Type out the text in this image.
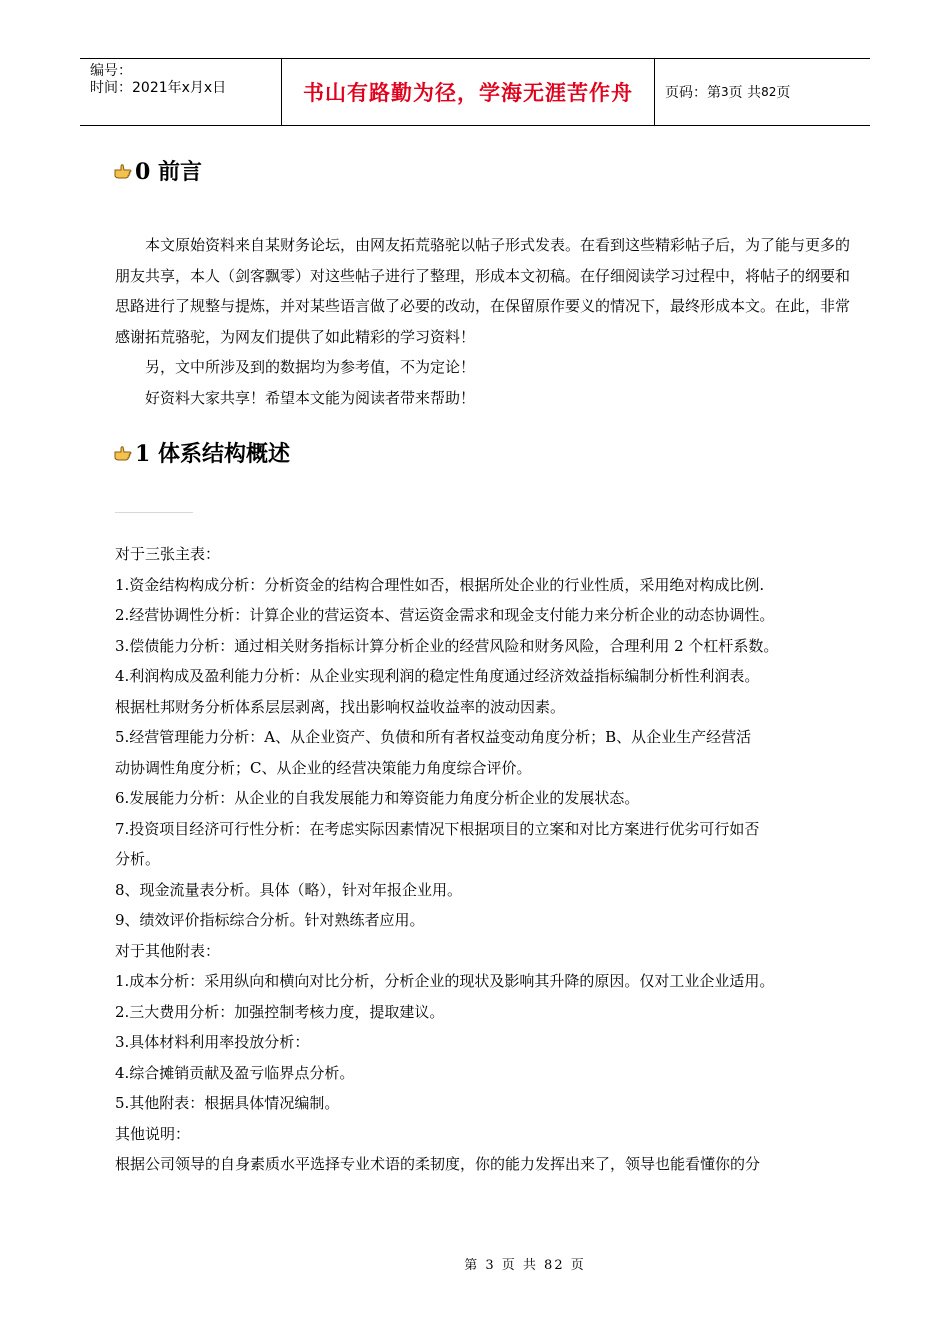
编号：
时间：2021年x月x日	书山有路勤为径，学海无涯苦作舟	页码：第 3 页 共 82 页
0 前言

本文原始资料来自某财务论坛，由网友拓荒骆驼以帖子形式发表。在看到这些精彩帖子后，为了能与更多的朋友共享，本人（剑客飘零）对这些帖子进行了整理，形成本文初稿。在仔细阅读学习过程中，将帖子的纲要和思路进行了规整与提炼，并对某些语言做了必要的改动，在保留原作要义的情况下，最终形成本文。在此，非常感谢拓荒骆驼，为网友们提供了如此精彩的学习资料！

另，文中所涉及到的数据均为参考值，不为定论！

好资料大家共享！希望本文能为阅读者带来帮助！

1 体系结构概述
对于三张主表：
1.资金结构构成分析：分析资金的结构合理性如否，根据所处企业的行业性质，采用绝对构成比例.
2.经营协调性分析：计算企业的营运资本、营运资金需求和现金支付能力来分析企业的动态协调性。
3.偿债能力分析：通过相关财务指标计算分析企业的经营风险和财务风险，合理利用 2 个杠杆系数。
4.利润构成及盈利能力分析：从企业实现利润的稳定性角度通过经济效益指标编制分析性利润表。
根据杜邦财务分析体系层层剥离，找出影响权益收益率的波动因素。
5.经营管理能力分析：A、从企业资产、负债和所有者权益变动角度分析；B、从企业生产经营活
动协调性角度分析；C、从企业的经营决策能力角度综合评价。
6.发展能力分析：从企业的自我发展能力和筹资能力角度分析企业的发展状态。
7.投资项目经济可行性分析：在考虑实际因素情况下根据项目的立案和对比方案进行优劣可行如否
分析。
8、现金流量表分析。具体（略），针对年报企业用。
9、绩效评价指标综合分析。针对熟练者应用。
对于其他附表：
1.成本分析：采用纵向和横向对比分析，分析企业的现状及影响其升降的原因。仅对工业企业适用。
2.三大费用分析：加强控制考核力度，提取建议。
3.具体材料利用率投放分析：
4.综合摊销贡献及盈亏临界点分析。
5.其他附表：根据具体情况编制。
其他说明：
根据公司领导的自身素质水平选择专业术语的柔韧度，你的能力发挥出来了，领导也能看懂你的分
第 3 页 共 82 页
